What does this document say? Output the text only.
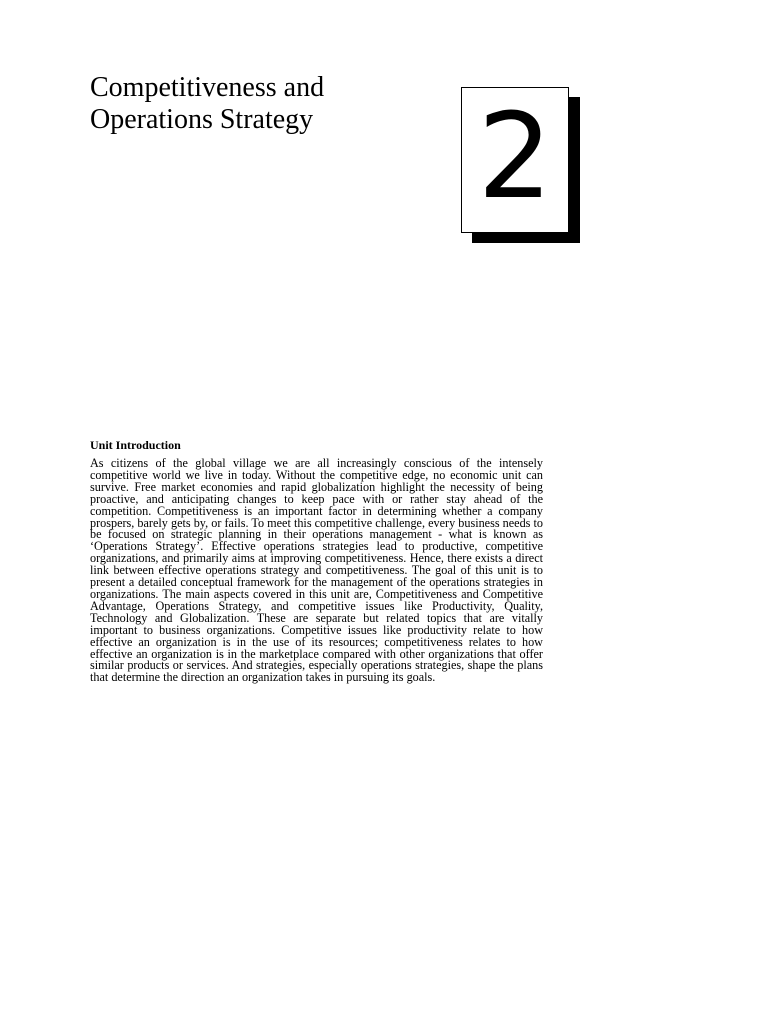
Competitiveness and
Operations Strategy	2
Unit Introduction

As citizens of the global village we are all increasingly conscious of the intensely competitive world we live in today. Without the competitive edge, no economic unit can survive. Free market economies and rapid globalization highlight the necessity of being proactive, and anticipating changes to keep pace with or rather stay ahead of the competition. Competitiveness is an important factor in determining whether a company prospers, barely gets by, or fails. To meet this competitive challenge, every business needs to be focused on strategic planning in their operations management - what is known as ‘Operations Strategy’. Effective operations strategies lead to productive, competitive organizations, and primarily aims at improving competitiveness. Hence, there exists a direct link between effective operations strategy and competitiveness. The goal of this unit is to present a detailed conceptual framework for the management of the operations strategies in organizations. The main aspects covered in this unit are, Competitiveness and Competitive Advantage, Operations Strategy, and competitive issues like Productivity, Quality, Technology and Globalization. These are separate but related topics that are vitally important to business organizations. Competitive issues like productivity relate to how effective an organization is in the use of its resources; competitiveness relates to how effective an organization is in the marketplace compared with other organizations that offer similar products or services. And strategies, especially operations strategies, shape the plans that determine the direction an organization takes in pursuing its goals.
